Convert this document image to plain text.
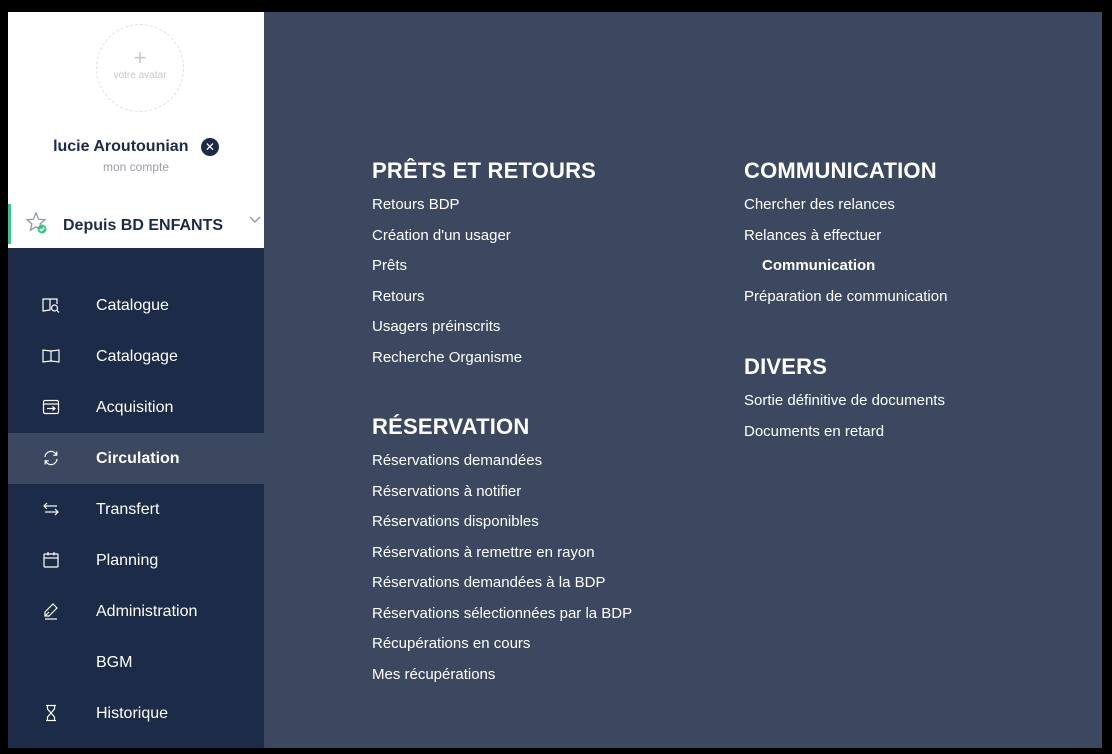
+
votre avatar
lucie Aroutounian ✕
mon compte
Depuis BD ENFANTS
Catalogue
Catalogage
Acquisition
Circulation
Transfert
Planning
Administration
BGM
Historique
PRÊTS ET RETOURS
Retours BDP
Création d'un usager
Prêts
Retours
Usagers préinscrits
Recherche Organisme
RÉSERVATION
Réservations demandées
Réservations à notifier
Réservations disponibles
Réservations à remettre en rayon
Réservations demandées à la BDP
Réservations sélectionnées par la BDP
Récupérations en cours
Mes récupérations
COMMUNICATION
Chercher des relances
Relances à effectuer
Communication
Préparation de communication
DIVERS
Sortie définitive de documents
Documents en retard
